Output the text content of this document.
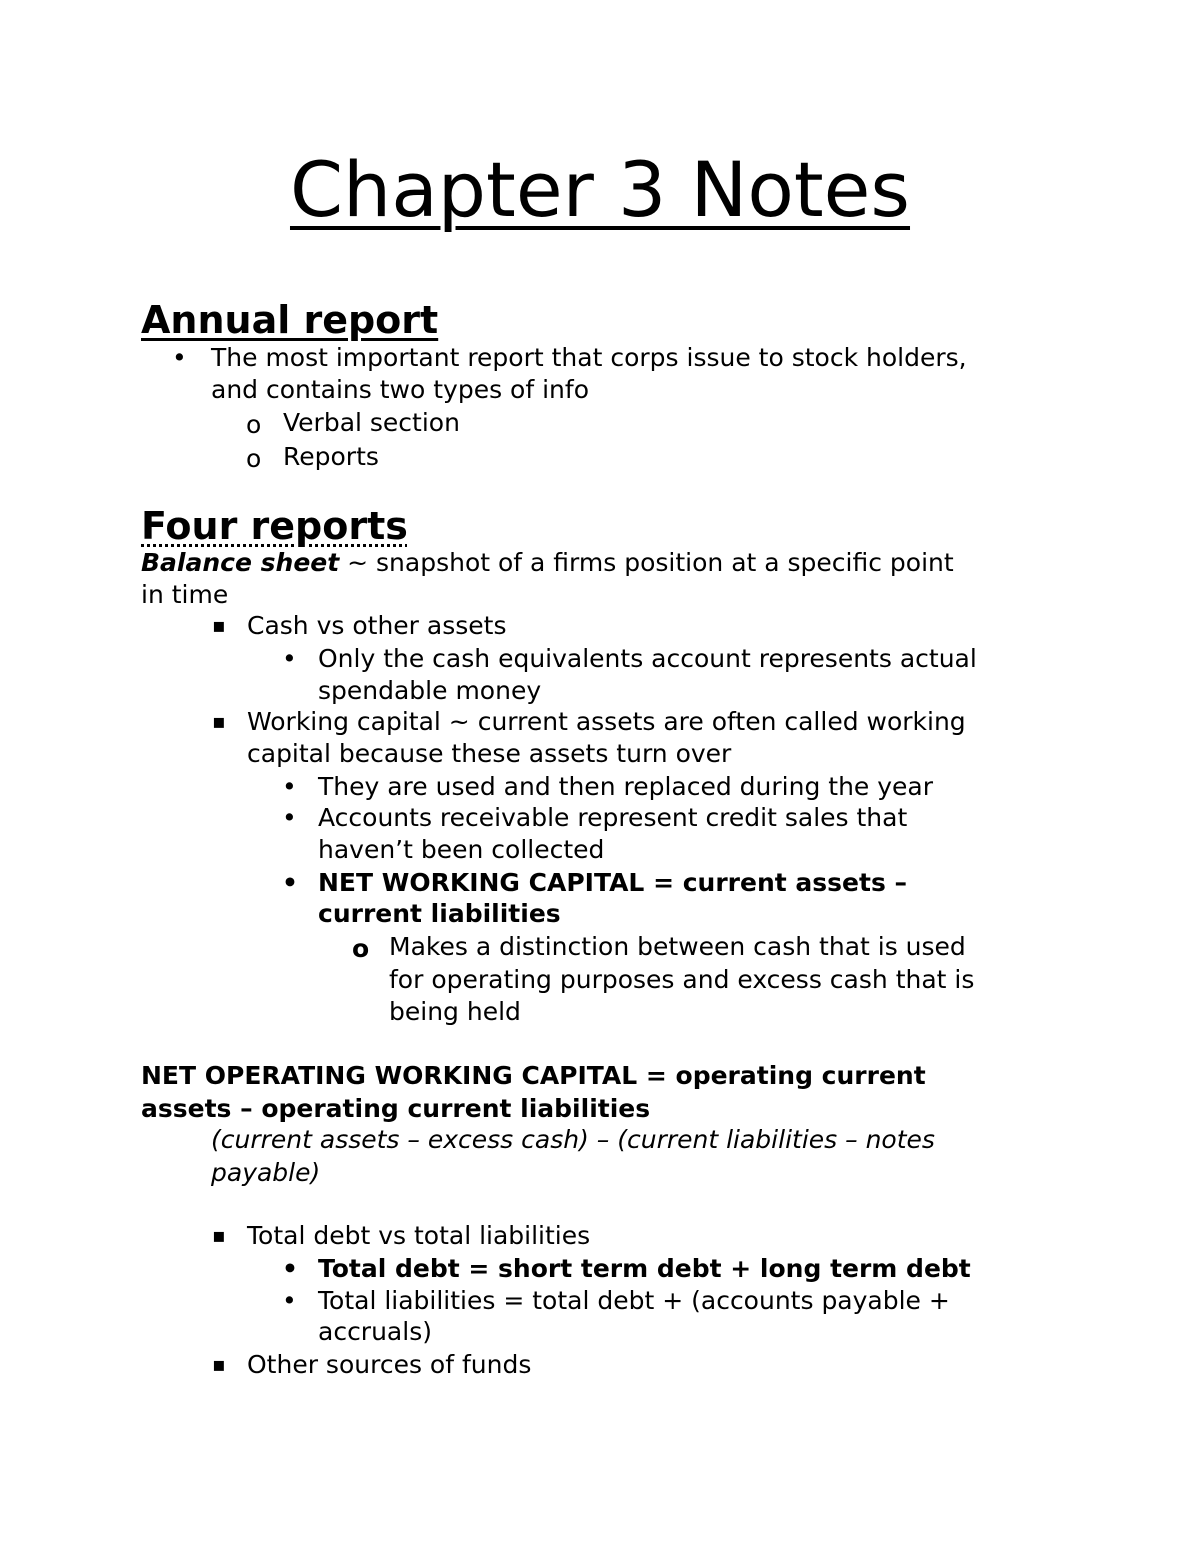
Chapter 3 Notes
Annual report
• The most important report that corps issue to stock holders,
and contains two types of info
o Verbal section
o Reports
Four reports
Balance sheet ~ snapshot of a firms position at a specific point
in time
▪ Cash vs other assets
• Only the cash equivalents account represents actual
spendable money
▪ Working capital ~ current assets are often called working
capital because these assets turn over
• They are used and then replaced during the year
• Accounts receivable represent credit sales that
haven’t been collected
• NET WORKING CAPITAL = current assets –
current liabilities
o Makes a distinction between cash that is used
for operating purposes and excess cash that is
being held
NET OPERATING WORKING CAPITAL = operating current
assets – operating current liabilities
(current assets – excess cash) – (current liabilities – notes
payable)
▪ Total debt vs total liabilities
• Total debt = short term debt + long term debt
• Total liabilities = total debt + (accounts payable +
accruals)
▪ Other sources of funds
